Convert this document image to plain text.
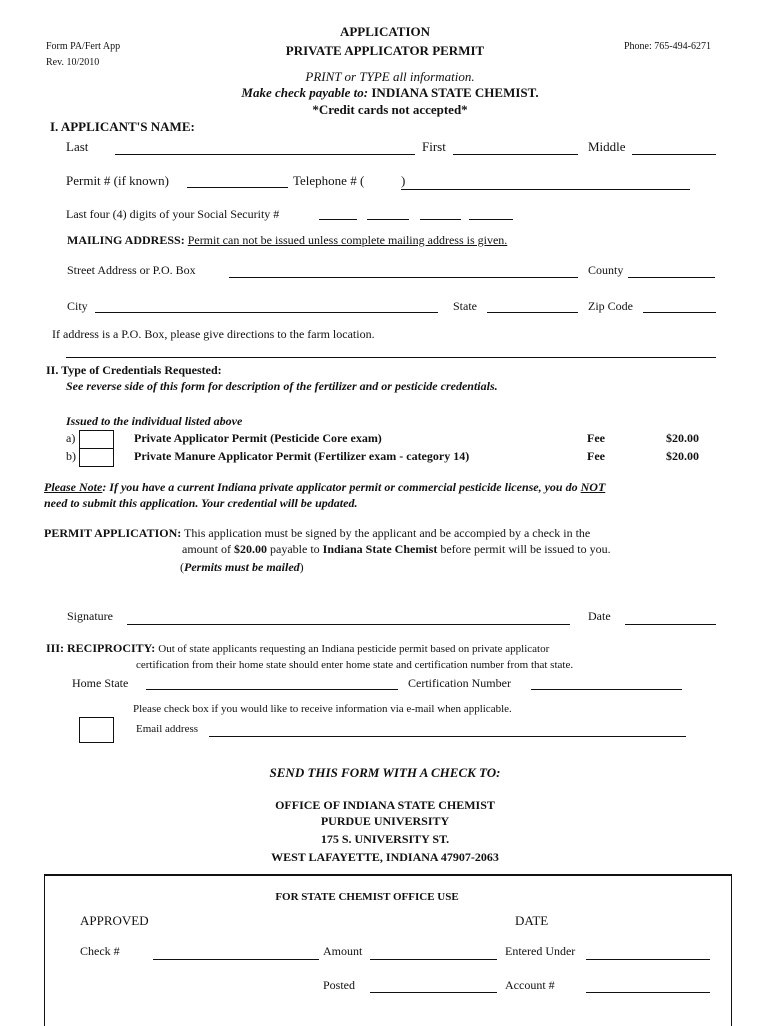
Form PA/Fert App
Rev. 10/2010
APPLICATION
PRIVATE APPLICATOR PERMIT	Phone: 765-494-6271
PRINT or TYPE all information.
Make check payable to: INDIANA STATE CHEMIST.
*Credit cards not accepted*
I. APPLICANT'S NAME:
Last	First	Middle
Permit # (if known)	Telephone # (	)
Last four (4) digits of your Social Security #
MAILING ADDRESS: Permit can not be issued unless complete mailing address is given.
Street Address or P.O. Box	County
City	State	Zip Code
If address is a P.O. Box, please give directions to the farm location.
II. Type of Credentials Requested:
See reverse side of this form for description of the fertilizer and or pesticide credentials.
Issued to the individual listed above
a)	Private Applicator Permit (Pesticide Core exam)	Fee	$20.00
b)	Private Manure Applicator Permit (Fertilizer exam - category 14)	Fee	$20.00
Please Note: If you have a current Indiana private applicator permit or commercial pesticide license, you do NOT
need to submit this application. Your credential will be updated.
PERMIT APPLICATION: This application must be signed by the applicant and be accompied by a check in the
amount of $20.00 payable to Indiana State Chemist before permit will be issued to you.
(Permits must be mailed)
Signature	Date
III: RECIPROCITY: Out of state applicants requesting an Indiana pesticide permit based on private applicator
certification from their home state should enter home state and certification number from that state.
Home State	Certification Number
Please check box if you would like to receive information via e-mail when applicable.
Email address
SEND THIS FORM WITH A CHECK TO:
OFFICE OF INDIANA STATE CHEMIST
PURDUE UNIVERSITY
175 S. UNIVERSITY ST.
WEST LAFAYETTE, INDIANA 47907-2063
FOR STATE CHEMIST OFFICE USE
APPROVED	DATE
Check #	Amount	Entered Under
Posted	Account #
